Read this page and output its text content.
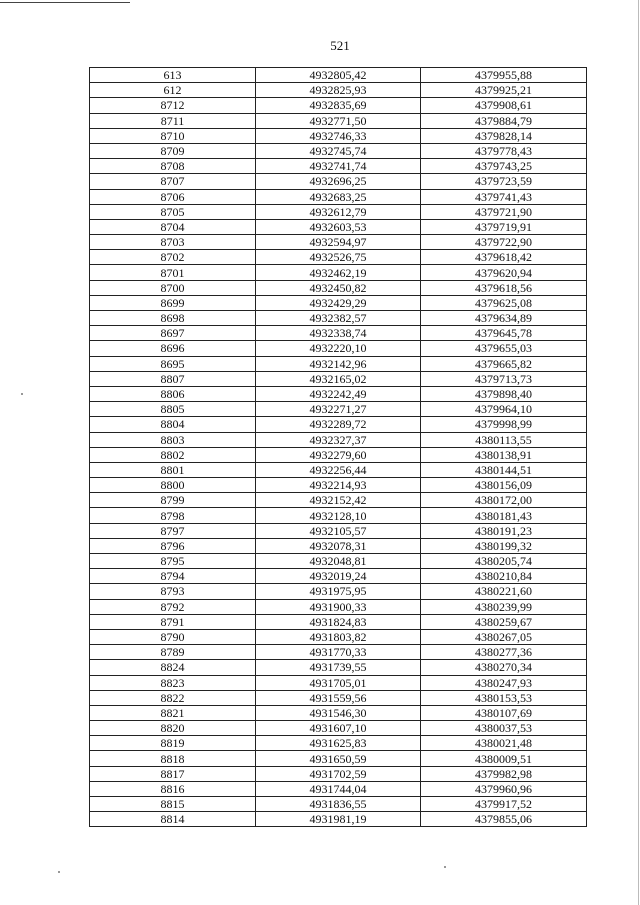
521
613	4932805,42	4379955,88
612	4932825,93	4379925,21
8712	4932835,69	4379908,61
8711	4932771,50	4379884,79
8710	4932746,33	4379828,14
8709	4932745,74	4379778,43
8708	4932741,74	4379743,25
8707	4932696,25	4379723,59
8706	4932683,25	4379741,43
8705	4932612,79	4379721,90
8704	4932603,53	4379719,91
8703	4932594,97	4379722,90
8702	4932526,75	4379618,42
8701	4932462,19	4379620,94
8700	4932450,82	4379618,56
8699	4932429,29	4379625,08
8698	4932382,57	4379634,89
8697	4932338,74	4379645,78
8696	4932220,10	4379655,03
8695	4932142,96	4379665,82
8807	4932165,02	4379713,73
8806	4932242,49	4379898,40
8805	4932271,27	4379964,10
8804	4932289,72	4379998,99
8803	4932327,37	4380113,55
8802	4932279,60	4380138,91
8801	4932256,44	4380144,51
8800	4932214,93	4380156,09
8799	4932152,42	4380172,00
8798	4932128,10	4380181,43
8797	4932105,57	4380191,23
8796	4932078,31	4380199,32
8795	4932048,81	4380205,74
8794	4932019,24	4380210,84
8793	4931975,95	4380221,60
8792	4931900,33	4380239,99
8791	4931824,83	4380259,67
8790	4931803,82	4380267,05
8789	4931770,33	4380277,36
8824	4931739,55	4380270,34
8823	4931705,01	4380247,93
8822	4931559,56	4380153,53
8821	4931546,30	4380107,69
8820	4931607,10	4380037,53
8819	4931625,83	4380021,48
8818	4931650,59	4380009,51
8817	4931702,59	4379982,98
8816	4931744,04	4379960,96
8815	4931836,55	4379917,52
8814	4931981,19	4379855,06
